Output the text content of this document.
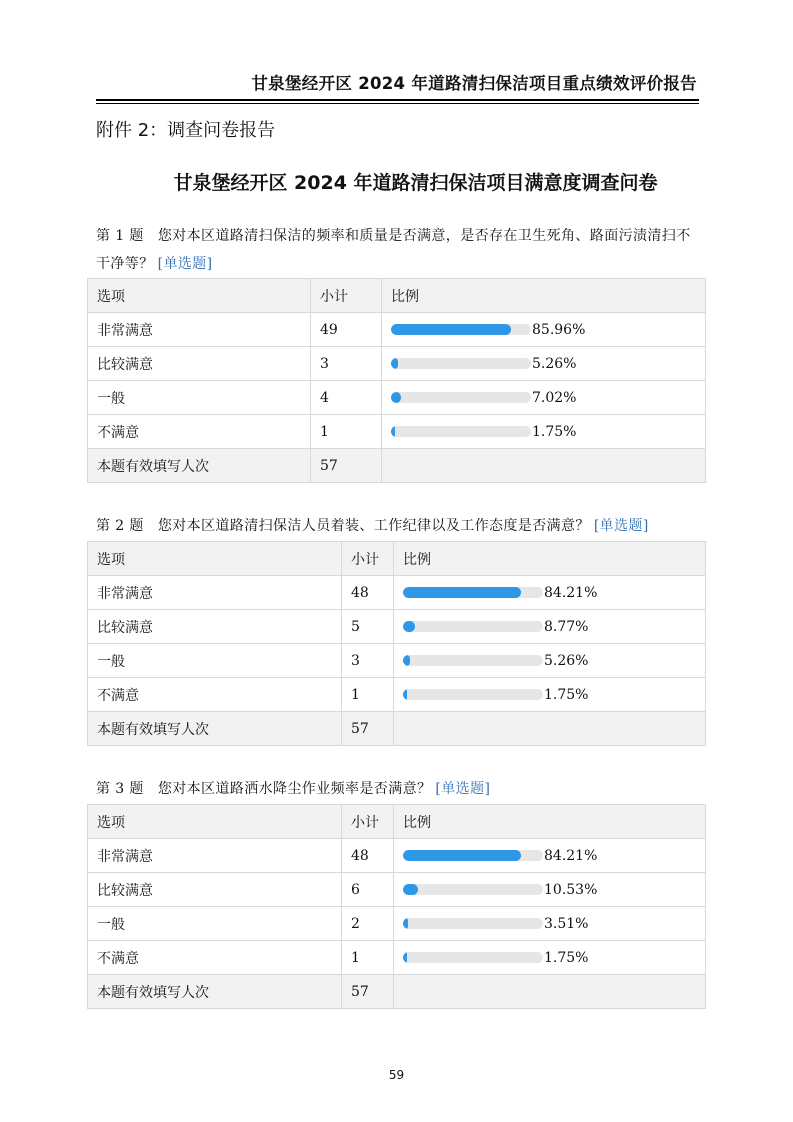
甘泉堡经开区 2024 年道路清扫保洁项目重点绩效评价报告
附件 2：调查问卷报告
甘泉堡经开区 2024 年道路清扫保洁项目满意度调查问卷
第 1 题 您对本区道路清扫保洁的频率和质量是否满意，是否存在卫生死角、路面污渍清扫不干净等？ [单选题]
选项	小计	比例
非常满意	49	85.96%
比较满意	3	5.26%
一般	4	7.02%
不满意	1	1.75%
本题有效填写人次	57	
第 2 题 您对本区道路清扫保洁人员着装、工作纪律以及工作态度是否满意？ [单选题]
选项	小计	比例
非常满意	48	84.21%
比较满意	5	8.77%
一般	3	5.26%
不满意	1	1.75%
本题有效填写人次	57	
第 3 题 您对本区道路洒水降尘作业频率是否满意？ [单选题]
选项	小计	比例
非常满意	48	84.21%
比较满意	6	10.53%
一般	2	3.51%
不满意	1	1.75%
本题有效填写人次	57	
59
